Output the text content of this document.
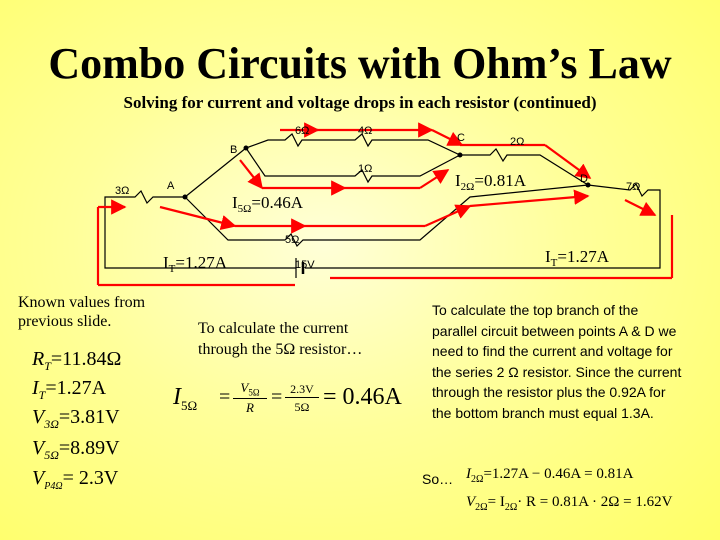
Combo Circuits with Ohm’s Law
Solving for current and voltage drops in each resistor (continued)
6Ω	4Ω
2Ω
1Ω
3Ω	7Ω
5Ω
15V
A
B
C
D
$I_{5\Omega}=0.46A$
$I_{2\Omega}=0.81A$
$I_T=1.27A$	$I_T=1.27A$
Known values from previous slide.
$R_T=11.84\Omega$
$I_T=1.27A$
$V_{3\Omega}=3.81V$
$V_{5\Omega}=8.89V$
$V_{P4\Omega}= 2.3V$
To calculate the current through the 5Ω resistor…
$I_{5\Omega} = V_{5\Omega}$
R = 2.3V
5Ω = 0.46A
To calculate the top branch of the parallel circuit between points A & D we need to find the current and voltage for the series 2 Ω resistor. Since the current through the resistor plus the 0.92A for the bottom branch must equal 1.3A.
So… $I_{2\Omega}=1.27A - 0.46A = 0.81A$
$V_{2\Omega}= I_{2\Omega}\cdot R = 0.81A \cdot 2\Omega = 1.62V$
